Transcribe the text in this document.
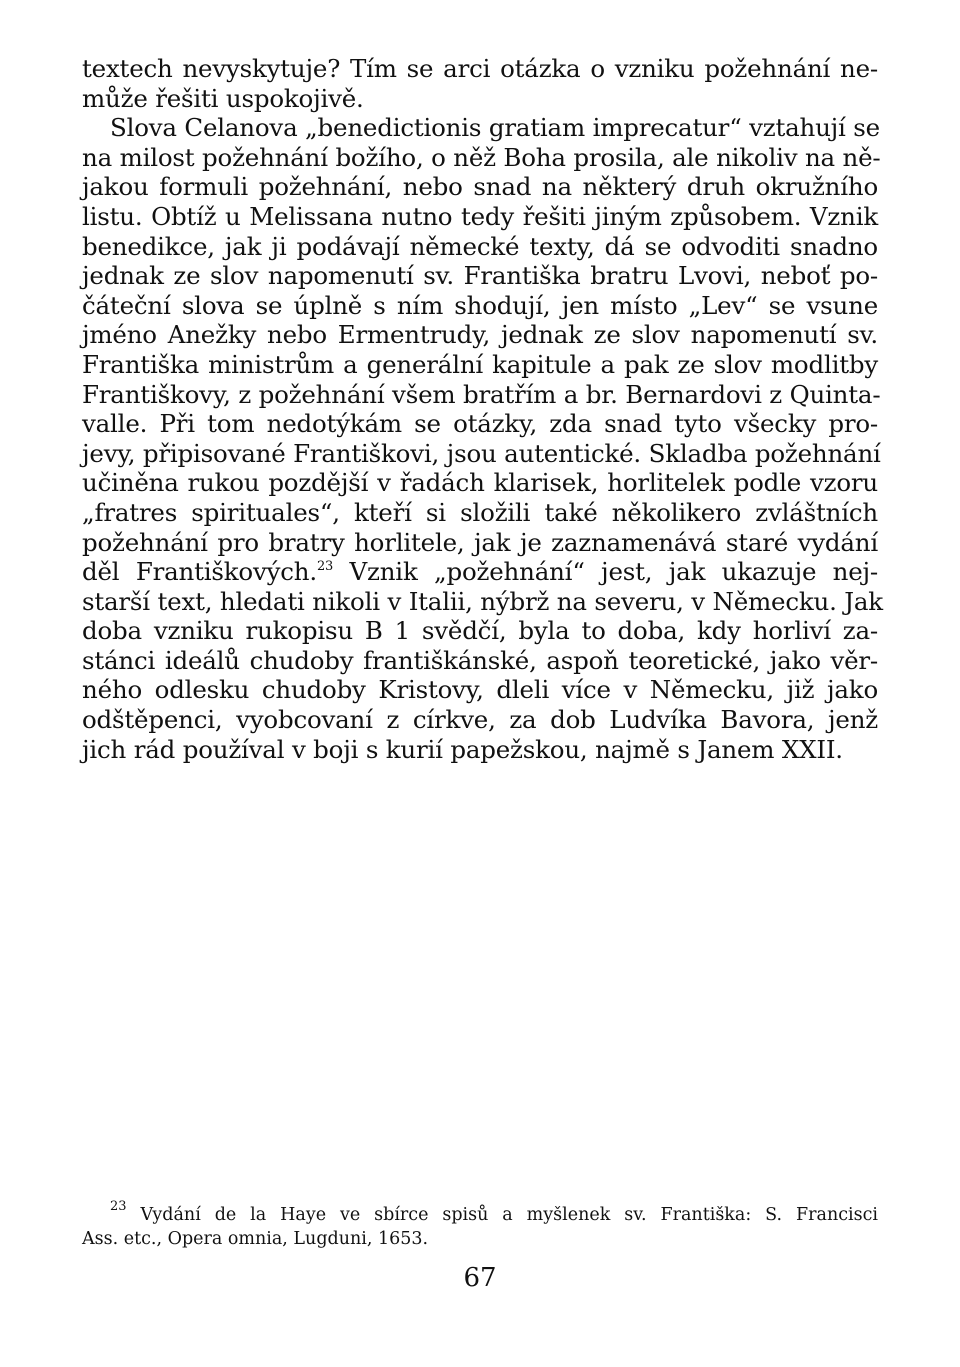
textech nevyskytuje? Tím se arci otázka o vzniku požehnání ne-
může řešiti uspokojivě.
Slova Celanova „benedictionis gratiam imprecatur“ vztahují se
na milost požehnání božího, o něž Boha prosila, ale nikoliv na ně-
jakou formuli požehnání, nebo snad na některý druh okružního
listu. Obtíž u Melissana nutno tedy řešiti jiným způsobem. Vznik
benedikce, jak ji podávají německé texty, dá se odvoditi snadno
jednak ze slov napomenutí sv. Františka bratru Lvovi, neboť po-
čáteční slova se úplně s ním shodují, jen místo „Lev“ se vsune
jméno Anežky nebo Ermentrudy, jednak ze slov napomenutí sv.
Františka ministrům a generální kapitule a pak ze slov modlitby
Františkovy, z požehnání všem bratřím a br. Bernardovi z Quinta-
valle. Při tom nedotýkám se otázky, zda snad tyto všecky pro-
jevy, připisované Františkovi, jsou autentické. Skladba požehnání
učiněna rukou pozdější v řadách klarisek, horlitelek podle vzoru
„fratres spirituales“, kteří si složili také několikero zvláštních
požehnání pro bratry horlitele, jak je zaznamenává staré vydání
děl Františkových.$^{23}$ Vznik „požehnání“ jest, jak ukazuje nej-
starší text, hledati nikoli v Italii, nýbrž na severu, v Německu. Jak
doba vzniku rukopisu B 1 svědčí, byla to doba, kdy horliví za-
stánci ideálů chudoby františkánské, aspoň teoretické, jako věr-
ného odlesku chudoby Kristovy, dleli více v Německu, již jako
odštěpenci, vyobcovaní z církve, za dob Ludvíka Bavora, jenž
jich rád používal v boji s kurií papežskou, najmě s Janem XXII.
$^{23}$ Vydání de la Haye ve sbírce spisů a myšlenek sv. Františka: S. Francisci
Ass. etc., Opera omnia, Lugduni, 1653.
67
